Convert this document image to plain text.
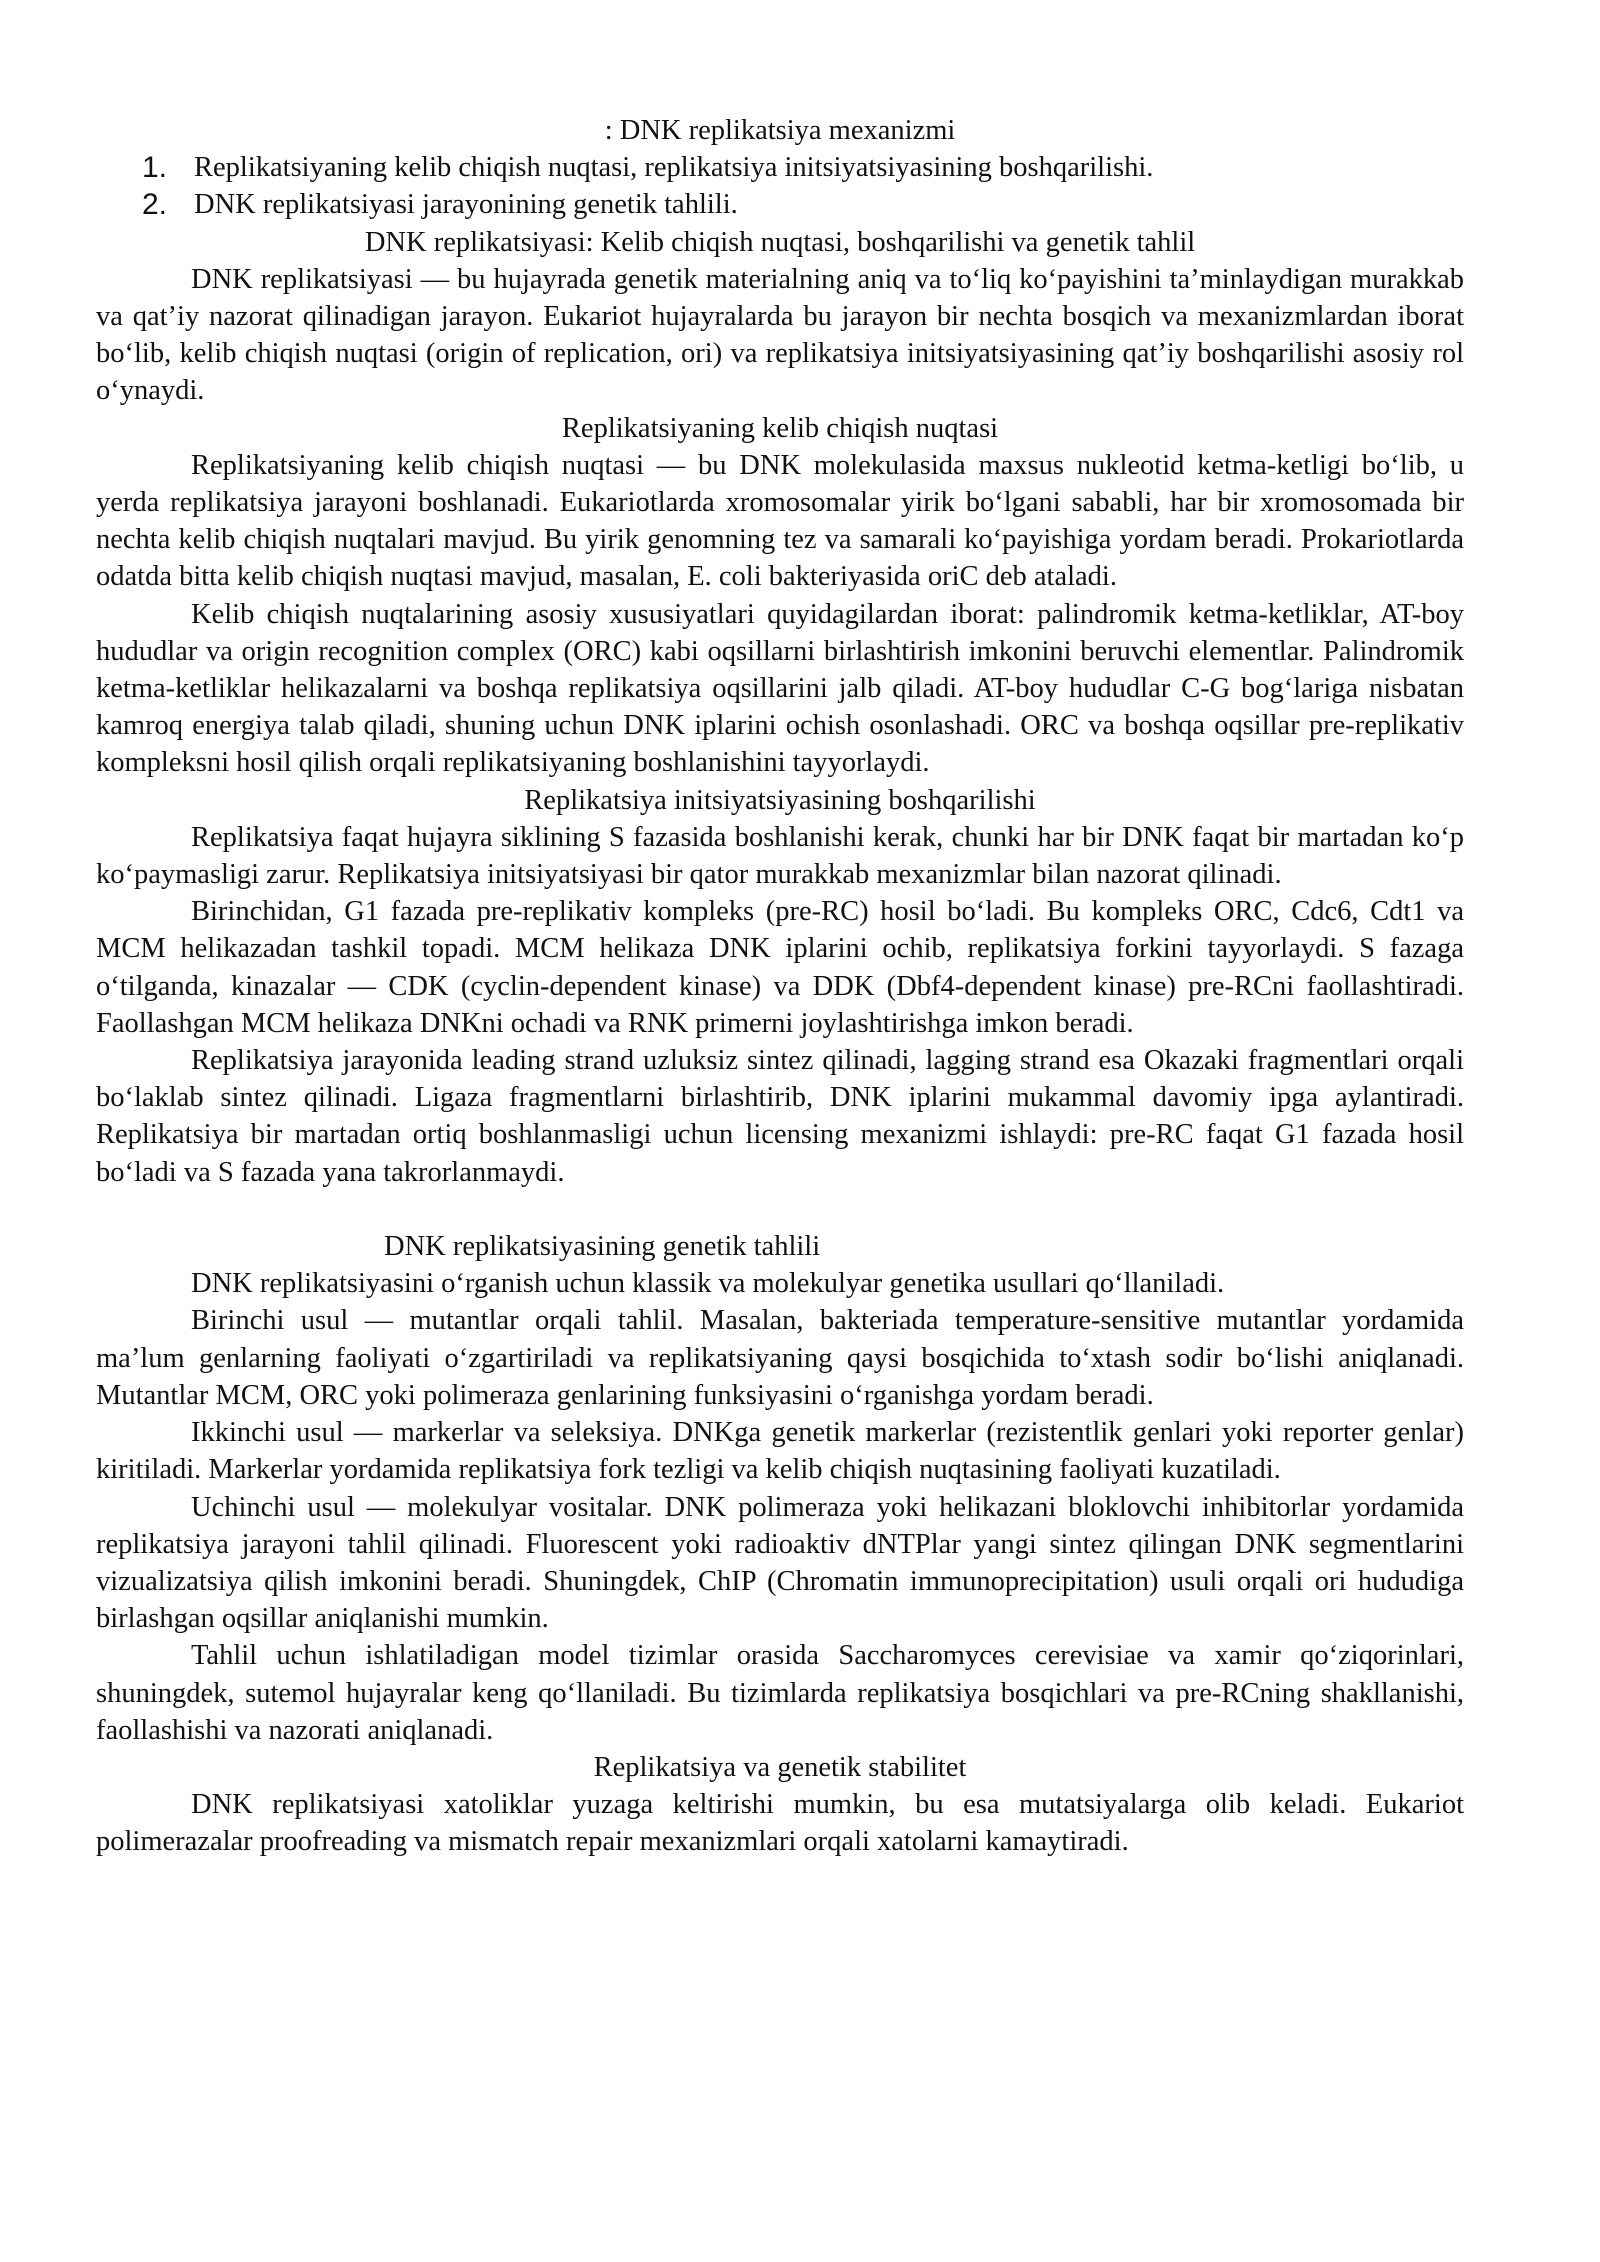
: DNK replikatsiya mexanizmi

1. Replikatsiyaning kelib chiqish nuqtasi, replikatsiya initsiyatsiyasining boshqarilishi.
2. DNK replikatsiyasi jarayonining genetik tahlili.

DNK replikatsiyasi: Kelib chiqish nuqtasi, boshqarilishi va genetik tahlil

DNK replikatsiyasi — bu hujayrada genetik materialning aniq va to‘liq ko‘payishini ta’minlaydigan murakkab va qat’iy nazorat qilinadigan jarayon. Eukariot hujayralarda bu jarayon bir nechta bosqich va mexanizmlardan iborat bo‘lib, kelib chiqish nuqtasi (origin of replication, ori) va replikatsiya initsiyatsiyasining qat’iy boshqarilishi asosiy rol o‘ynaydi.

Replikatsiyaning kelib chiqish nuqtasi

Replikatsiyaning kelib chiqish nuqtasi — bu DNK molekulasida maxsus nukleotid ketma-ketligi bo‘lib, u yerda replikatsiya jarayoni boshlanadi. Eukariotlarda xromosomalar yirik bo‘lgani sababli, har bir xromosomada bir nechta kelib chiqish nuqtalari mavjud. Bu yirik genomning tez va samarali ko‘payishiga yordam beradi. Prokariotlarda odatda bitta kelib chiqish nuqtasi mavjud, masalan, E. coli bakteriyasida oriC deb ataladi.

Kelib chiqish nuqtalarining asosiy xususiyatlari quyidagilardan iborat: palindromik ketma-ketliklar, AT-boy hududlar va origin recognition complex (ORC) kabi oqsillarni birlashtirish imkonini beruvchi elementlar. Palindromik ketma-ketliklar helikazalarni va boshqa replikatsiya oqsillarini jalb qiladi. AT-boy hududlar C-G bog‘lariga nisbatan kamroq energiya talab qiladi, shuning uchun DNK iplarini ochish osonlashadi. ORC va boshqa oqsillar pre-replikativ kompleksni hosil qilish orqali replikatsiyaning boshlanishini tayyorlaydi.

Replikatsiya initsiyatsiyasining boshqarilishi

Replikatsiya faqat hujayra siklining S fazasida boshlanishi kerak, chunki har bir DNK faqat bir martadan ko‘p ko‘paymasligi zarur. Replikatsiya initsiyatsiyasi bir qator murakkab mexanizmlar bilan nazorat qilinadi.

Birinchidan, G1 fazada pre-replikativ kompleks (pre-RC) hosil bo‘ladi. Bu kompleks ORC, Cdc6, Cdt1 va MCM helikazadan tashkil topadi. MCM helikaza DNK iplarini ochib, replikatsiya forkini tayyorlaydi. S fazaga o‘tilganda, kinazalar — CDK (cyclin-dependent kinase) va DDK (Dbf4-dependent kinase) pre-RCni faollashtiradi. Faollashgan MCM helikaza DNKni ochadi va RNK primerni joylashtirishga imkon beradi.

Replikatsiya jarayonida leading strand uzluksiz sintez qilinadi, lagging strand esa Okazaki fragmentlari orqali bo‘laklab sintez qilinadi. Ligaza fragmentlarni birlashtirib, DNK iplarini mukammal davomiy ipga aylantiradi. Replikatsiya bir martadan ortiq boshlanmasligi uchun licensing mexanizmi ishlaydi: pre-RC faqat G1 fazada hosil bo‘ladi va S fazada yana takrorlanmaydi.

DNK replikatsiyasining genetik tahlili

DNK replikatsiyasini o‘rganish uchun klassik va molekulyar genetika usullari qo‘llaniladi.

Birinchi usul — mutantlar orqali tahlil. Masalan, bakteriada temperature-sensitive mutantlar yordamida ma’lum genlarning faoliyati o‘zgartiriladi va replikatsiyaning qaysi bosqichida to‘xtash sodir bo‘lishi aniqlanadi. Mutantlar MCM, ORC yoki polimeraza genlarining funksiyasini o‘rganishga yordam beradi.

Ikkinchi usul — markerlar va seleksiya. DNKga genetik markerlar (rezistentlik genlari yoki reporter genlar) kiritiladi. Markerlar yordamida replikatsiya fork tezligi va kelib chiqish nuqtasining faoliyati kuzatiladi.

Uchinchi usul — molekulyar vositalar. DNK polimeraza yoki helikazani bloklovchi inhibitorlar yordamida replikatsiya jarayoni tahlil qilinadi. Fluorescent yoki radioaktiv dNTPlar yangi sintez qilingan DNK segmentlarini vizualizatsiya qilish imkonini beradi. Shuningdek, ChIP (Chromatin immunoprecipitation) usuli orqali ori hududiga birlashgan oqsillar aniqlanishi mumkin.

Tahlil uchun ishlatiladigan model tizimlar orasida Saccharomyces cerevisiae va xamir qo‘ziqorinlari, shuningdek, sutemol hujayralar keng qo‘llaniladi. Bu tizimlarda replikatsiya bosqichlari va pre-RCning shakllanishi, faollashishi va nazorati aniqlanadi.

Replikatsiya va genetik stabilitet

DNK replikatsiyasi xatoliklar yuzaga keltirishi mumkin, bu esa mutatsiyalarga olib keladi. Eukariot polimerazalar proofreading va mismatch repair mexanizmlari orqali xatolarni kamaytiradi.
